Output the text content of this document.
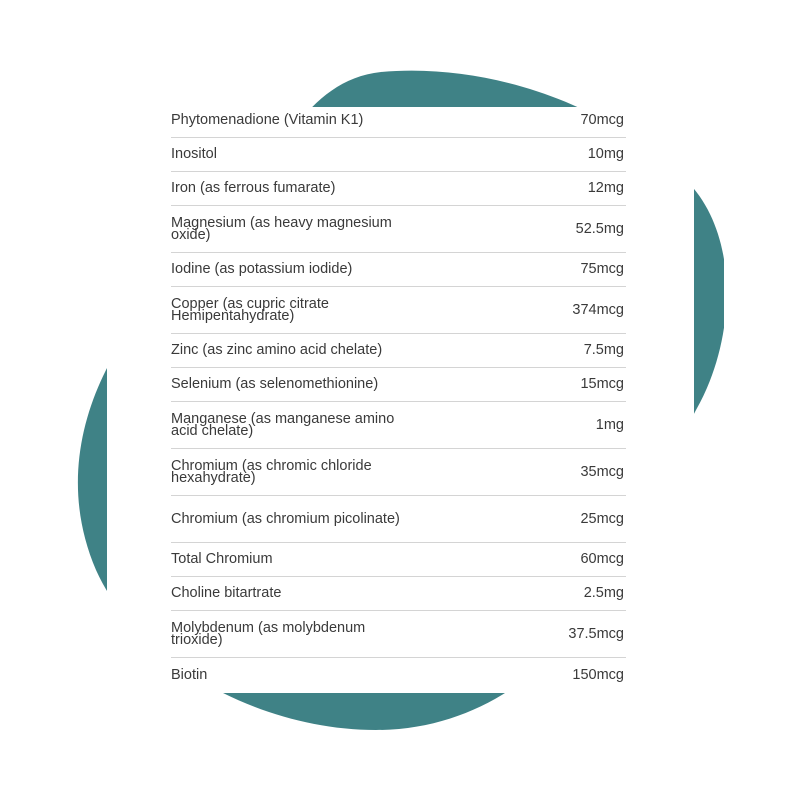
Phytomenadione (Vitamin K1)	70mcg
Inositol	10mg
Iron (as ferrous fumarate)	12mg
Magnesium (as heavy magnesium oxide)	52.5mg
Iodine (as potassium iodide)	75mcg
Copper (as cupric citrate Hemipentahydrate)	374mcg
Zinc (as zinc amino acid chelate)	7.5mg
Selenium (as selenomethionine)	15mcg
Manganese (as manganese amino acid chelate)	1mg
Chromium (as chromic chloride hexahydrate)	35mcg
Chromium (as chromium picolinate)	25mcg
Total Chromium	60mcg
Choline bitartrate	2.5mg
Molybdenum (as molybdenum trioxide)	37.5mcg
Biotin	150mcg
